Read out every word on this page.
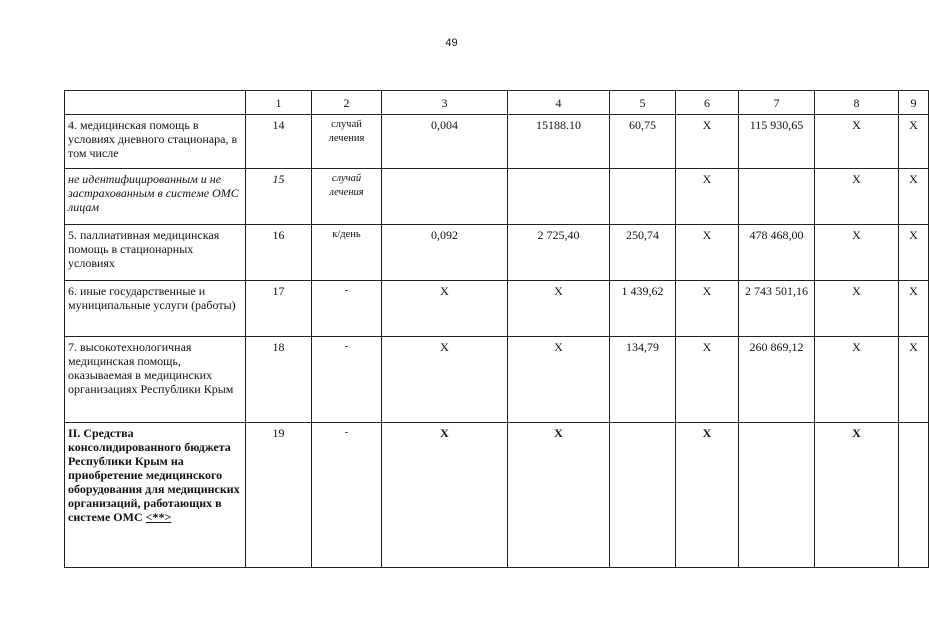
49
	1	2	3	4	5	6	7	8	9
4. медицинская помощь в условиях дневного стационара, в том числе	14	случай лечения	0,004	15188.10	60,75	X	115 930,65	X	X
не идентифицированным и не застрахованным в системе ОМС лицам	15	случай лечения				X		X	X
5. паллиативная медицинская помощь в стационарных условиях	16	к/день	0,092	2 725,40	250,74	X	478 468,00	X	X
6. иные государственные и муниципальные услуги (работы)	17	-	X	X	1 439,62	X	2 743 501,16	X	X
7. высокотехнологичная медицинская помощь, оказываемая в медицинских организациях Республики Крым	18	-	X	X	134,79	X	260 869,12	X	X
II. Средства консолидированного бюджета Республики Крым на приобретение медицинского оборудования для медицинских организаций, работающих в системе ОМС <**>	19	-	X	X		X		X	
